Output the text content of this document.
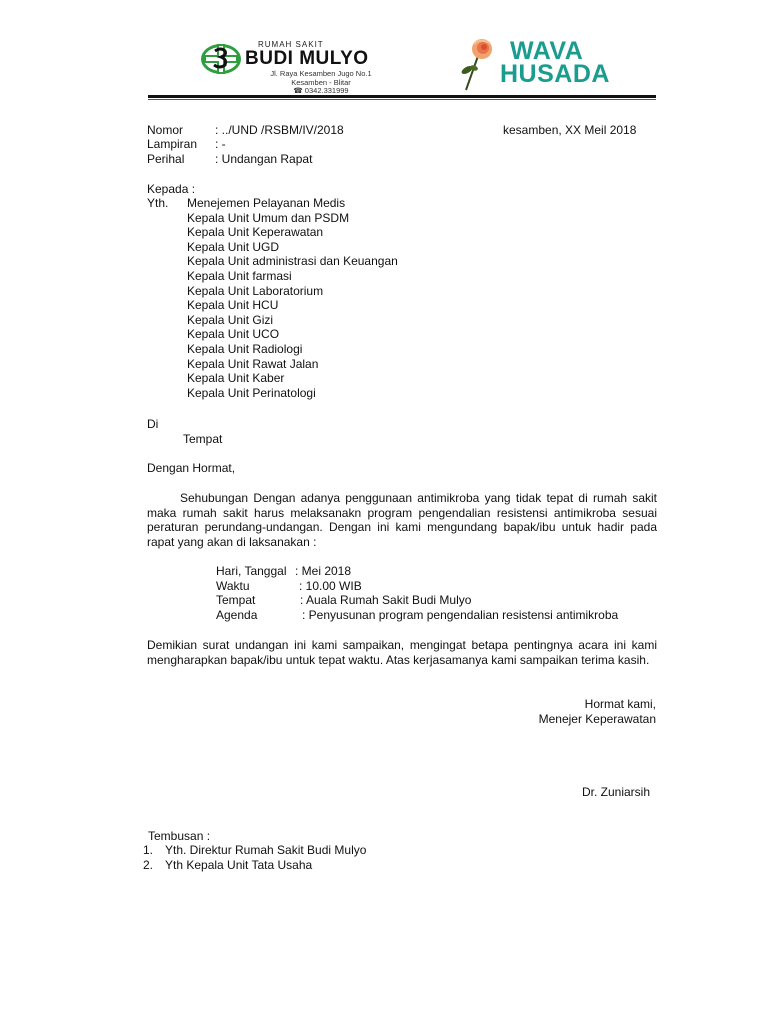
RUMAH SAKIT
BUDI MULYO
Jl. Raya Kesamben Jugo No.1
Kesamben - Blitar
☎ 0342.331999
WAVA
HUSADA
Nomor	: ../UND /RSBM/IV/2018	kesamben, XX Meil 2018
Lampiran : -
Perihal	: Undangan Rapat
Kepada :
Yth. Menejemen Pelayanan Medis
Kepala Unit Umum dan PSDM
Kepala Unit Keperawatan
Kepala Unit UGD
Kepala Unit administrasi dan Keuangan
Kepala Unit farmasi
Kepala Unit Laboratorium
Kepala Unit HCU
Kepala Unit Gizi
Kepala Unit UCO
Kepala Unit Radiologi
Kepala Unit Rawat Jalan
Kepala Unit Kaber
Kepala Unit Perinatologi
Di
Tempat
Dengan Hormat,
Sehubungan Dengan adanya penggunaan antimikroba yang tidak tepat di rumah sakit maka rumah sakit harus melaksanakn program pengendalian resistensi antimikroba sesuai peraturan perundang-undangan. Dengan ini kami mengundang bapak/ibu untuk hadir pada rapat yang akan di laksanakan :
Hari, Tanggal : Mei 2018
Waktu	: 10.00 WIB
Tempat	: Auala Rumah Sakit Budi Mulyo
Agenda	: Penyusunan program pengendalian resistensi antimikroba
Demikian surat undangan ini kami sampaikan, mengingat betapa pentingnya acara ini kami mengharapkan bapak/ibu untuk tepat waktu. Atas kerjasamanya kami sampaikan terima kasih.
Hormat kami,
Menejer Keperawatan
Dr. Zuniarsih
Tembusan :
1. Yth. Direktur Rumah Sakit Budi Mulyo
2. Yth Kepala Unit Tata Usaha
